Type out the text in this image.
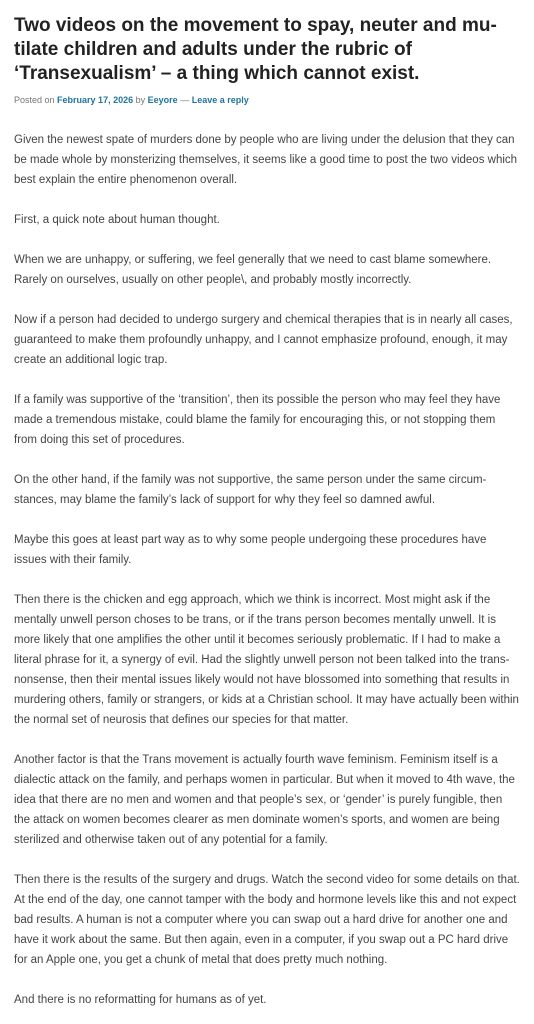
Two videos on the movement to spay, neuter and mutilate children and adults under the rubric of ‘Transexualism’ – a thing which cannot exist.
Posted on February 17, 2026 by Eeyore — Leave a reply

Given the newest spate of murders done by people who are living under the delusion that they can be made whole by monsterizing themselves, it seems like a good time to post the two videos which best explain the entire phenomenon overall.

First, a quick note about human thought.

When we are unhappy, or suffering, we feel generally that we need to cast blame somewhere. Rarely on ourselves, usually on other people\, and probably mostly incorrectly.

Now if a person had decided to undergo surgery and chemical therapies that is in nearly all cases, guaranteed to make them profoundly unhappy, and I cannot emphasize profound, enough, it may create an additional logic trap.

If a family was supportive of the ‘transition’, then its possible the person who may feel they have made a tremendous mistake, could blame the family for encouraging this, or not stopping them from doing this set of procedures.

On the other hand, if the family was not supportive, the same person under the same circumstances, may blame the family’s lack of support for why they feel so damned awful.

Maybe this goes at least part way as to why some people undergoing these procedures have issues with their family.

Then there is the chicken and egg approach, which we think is incorrect. Most might ask if the mentally unwell person choses to be trans, or if the trans person becomes mentally unwell. It is more likely that one amplifies the other until it becomes seriously problematic. If I had to make a literal phrase for it, a synergy of evil. Had the slightly unwell person not been talked into the trans-nonsense, then their mental issues likely would not have blossomed into something that results in murdering others, family or strangers, or kids at a Christian school. It may have actually been within the normal set of neurosis that defines our species for that matter.

Another factor is that the Trans movement is actually fourth wave feminism. Feminism itself is a dialectic attack on the family, and perhaps women in particular. But when it moved to 4th wave, the idea that there are no men and women and that people’s sex, or ‘gender’ is purely fungible, then the attack on women becomes clearer as men dominate women’s sports, and women are being sterilized and otherwise taken out of any potential for a family.

Then there is the results of the surgery and drugs. Watch the second video for some details on that. At the end of the day, one cannot tamper with the body and hormone levels like this and not expect bad results. A human is not a computer where you can swap out a hard drive for another one and have it work about the same. But then again, even in a computer, if you swap out a PC hard drive for an Apple one, you get a chunk of metal that does pretty much nothing.

And there is no reformatting for humans as of yet.
